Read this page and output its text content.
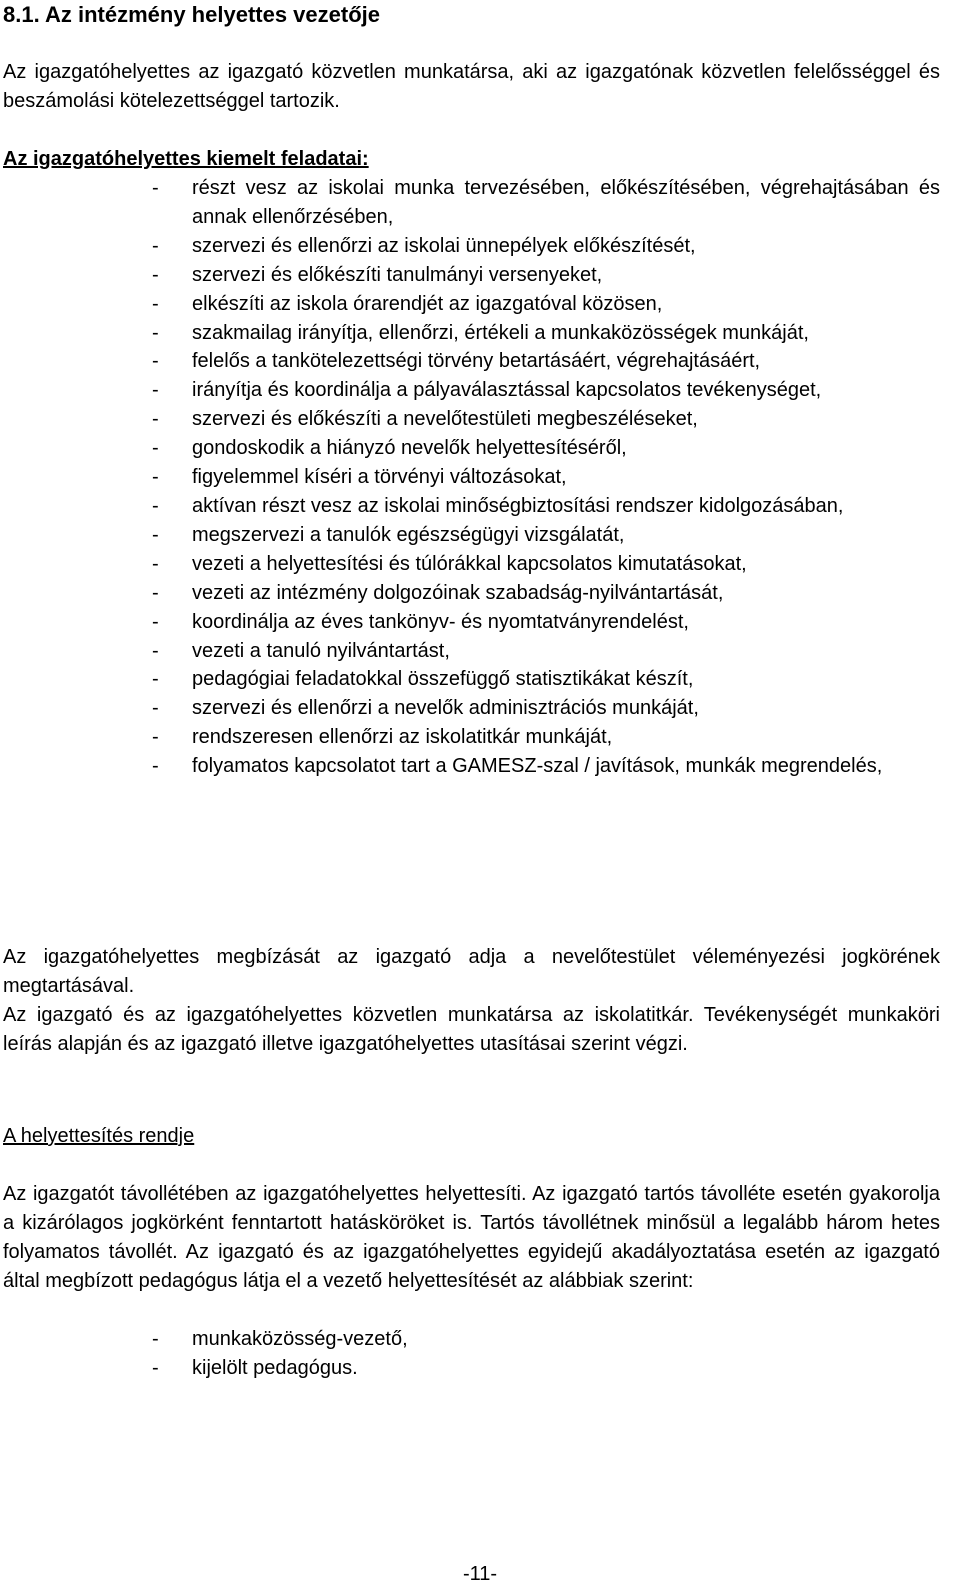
8.1. Az intézmény helyettes vezetője

Az igazgatóhelyettes az igazgató közvetlen munkatársa, aki az igazgatónak közvetlen felelősséggel és beszámolási kötelezettséggel tartozik.

Az igazgatóhelyettes kiemelt feladatai:

- részt vesz az iskolai munka tervezésében, előkészítésében, végrehajtásában és annak ellenőrzésében,
- szervezi és ellenőrzi az iskolai ünnepélyek előkészítését,
- szervezi és előkészíti tanulmányi versenyeket,
- elkészíti az iskola órarendjét az igazgatóval közösen,
- szakmailag irányítja, ellenőrzi, értékeli a munkaközösségek munkáját,
- felelős a tankötelezettségi törvény betartásáért, végrehajtásáért,
- irányítja és koordinálja a pályaválasztással kapcsolatos tevékenységet,
- szervezi és előkészíti a nevelőtestületi megbeszéléseket,
- gondoskodik a hiányzó nevelők helyettesítéséről,
- figyelemmel kíséri a törvényi változásokat,
- aktívan részt vesz az iskolai minőségbiztosítási rendszer kidolgozásában,
- megszervezi a tanulók egészségügyi vizsgálatát,
- vezeti a helyettesítési és túlórákkal kapcsolatos kimutatásokat,
- vezeti az intézmény dolgozóinak szabadság-nyilvántartását,
- koordinálja az éves tankönyv- és nyomtatványrendelést,
- vezeti a tanuló nyilvántartást,
- pedagógiai feladatokkal összefüggő statisztikákat készít,
- szervezi és ellenőrzi a nevelők adminisztrációs munkáját,
- rendszeresen ellenőrzi az iskolatitkár munkáját,
- folyamatos kapcsolatot tart a GAMESZ-szal / javítások, munkák megrendelés,

Az igazgatóhelyettes megbízását az igazgató adja a nevelőtestület véleményezési jogkörének megtartásával.

Az igazgató és az igazgatóhelyettes közvetlen munkatársa az iskolatitkár. Tevékenységét munkaköri leírás alapján és az igazgató illetve igazgatóhelyettes utasításai szerint végzi.

A helyettesítés rendje

Az igazgatót távollétében az igazgatóhelyettes helyettesíti. Az igazgató tartós távolléte esetén gyakorolja a kizárólagos jogkörként fenntartott hatásköröket is. Tartós távollétnek minősül a legalább három hetes folyamatos távollét. Az igazgató és az igazgatóhelyettes egyidejű akadályoztatása esetén az igazgató által megbízott pedagógus látja el a vezető helyettesítését az alábbiak szerint:

- munkaközösség-vezető,
- kijelölt pedagógus.

-11-
